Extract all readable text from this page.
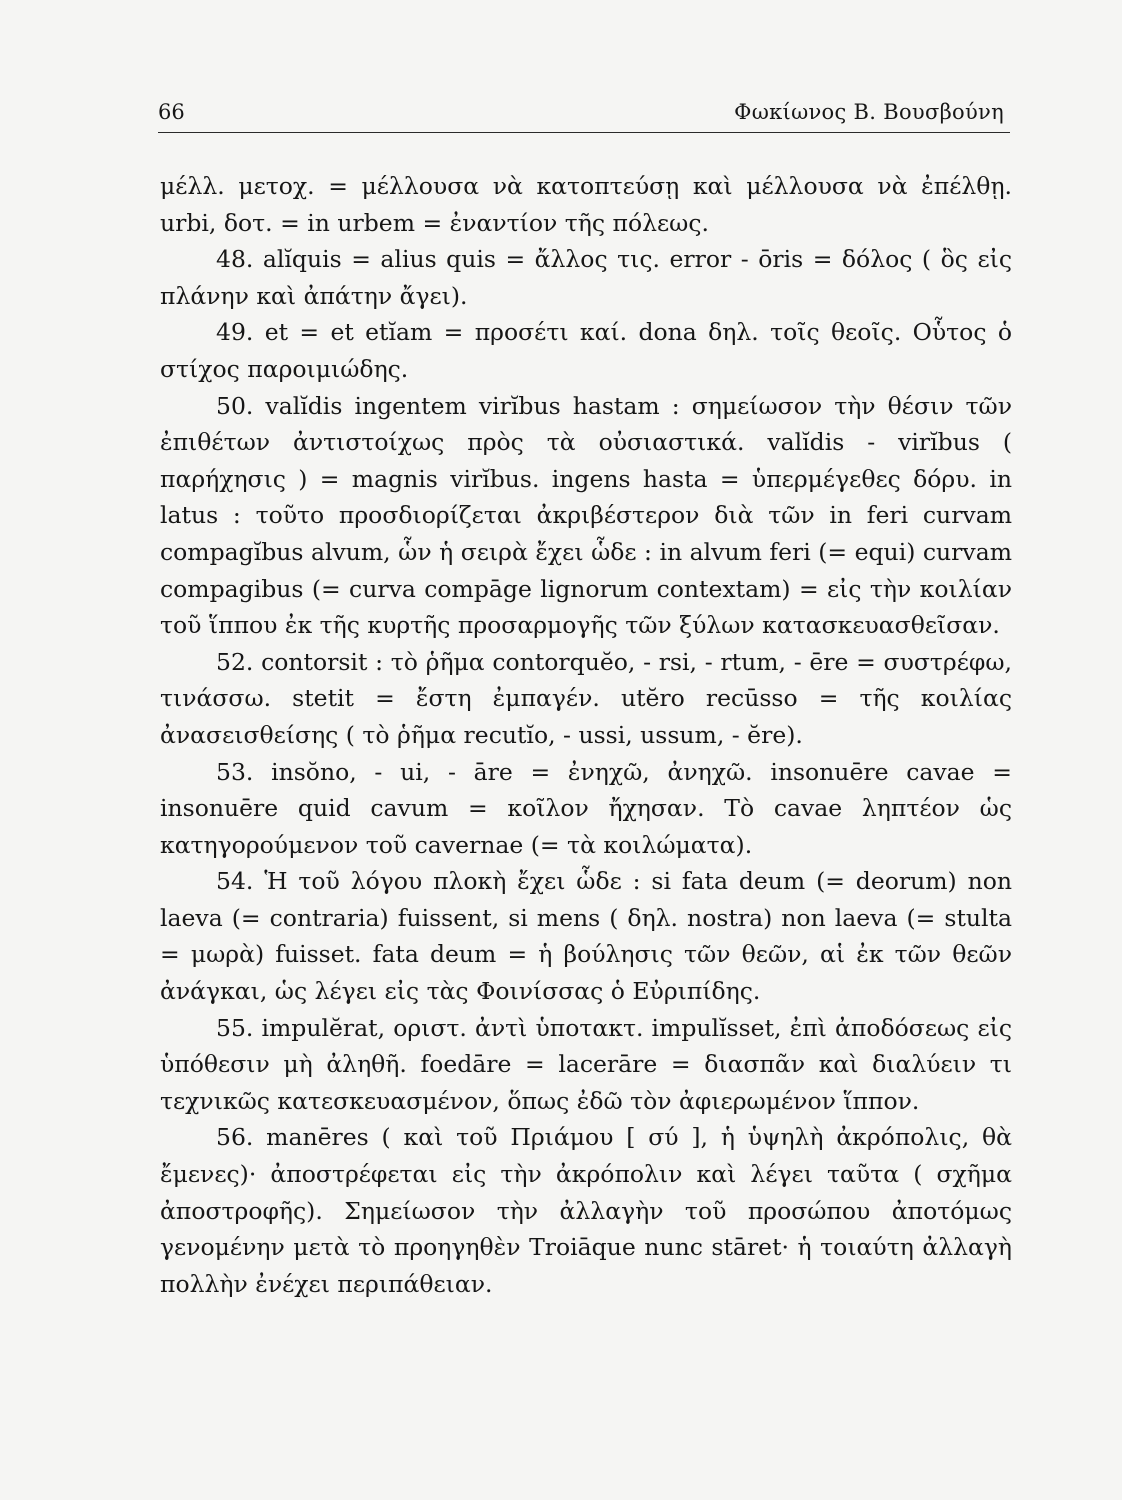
66	Φωκίωνος Β. Βουσβούνη

μέλλ. μετοχ. = μέλλουσα νὰ κατοπτεύσῃ καὶ μέλλουσα νὰ ἐπέλθῃ. urbi, δοτ. = in urbem = ἐναντίον τῆς πόλεως.

48. alĭquis = alius quis = ἄλλος τις. error - ōris = δόλος ( ὃς εἰς πλάνην καὶ ἀπάτην ἄγει).

49. et = et etĭam = προσέτι καί. dona δηλ. τοῖς θεοῖς. Οὗτος ὁ στίχος παροιμιώδης.

50. valĭdis ingentem virĭbus hastam : σημείωσον τὴν θέσιν τῶν ἐπιθέτων ἀντιστοίχως πρὸς τὰ οὐσιαστικά. valĭdis - virĭbus ( παρήχησις ) = magnis virĭbus. ingens hasta = ὑπερμέγεθες δόρυ. in latus : τοῦτο προσδιορίζεται ἀκριβέστερον διὰ τῶν in feri curvam compagĭbus alvum, ὧν ἡ σειρὰ ἔχει ὧδε : in alvum feri (= equi) curvam compagibus (= curva compāge lignorum contextam) = εἰς τὴν κοιλίαν τοῦ ἵππου ἐκ τῆς κυρτῆς προσαρμογῆς τῶν ξύλων κατασκευασθεῖσαν.

52. contorsit : τὸ ῥῆμα contorquĕo, - rsi, - rtum, - ēre = συστρέφω, τινάσσω. stetit = ἔστη ἐμπαγέν. utĕro recūsso = τῆς κοιλίας ἀνασεισθείσης ( τὸ ῥῆμα recutĭo, - ussi, ussum, - ĕre).

53. insŏno, - ui, - āre = ἐνηχῶ, ἀνηχῶ. insonuēre cavae = insonuēre quid cavum = κοῖλον ἤχησαν. Τὸ cavae ληπτέον ὡς κατηγορούμενον τοῦ cavernae (= τὰ κοιλώματα).

54. Ἡ τοῦ λόγου πλοκὴ ἔχει ὧδε : si fata deum (= deorum) non laeva (= contraria) fuissent, si mens ( δηλ. nostra) non laeva (= stulta = μωρὰ) fuisset. fata deum = ἡ βούλησις τῶν θεῶν, αἱ ἐκ τῶν θεῶν ἀνάγκαι, ὡς λέγει εἰς τὰς Φοινίσσας ὁ Εὐριπίδης.

55. impulĕrat, οριστ. ἀντὶ ὑποτακτ. impulĭsset, ἐπὶ ἀποδόσεως εἰς ὑπόθεσιν μὴ ἀληθῆ. foedāre = lacerāre = διασπᾶν καὶ διαλύειν τι τεχνικῶς κατεσκευασμένον, ὅπως ἐδῶ τὸν ἀφιερωμένον ἵππον.

56. manēres ( καὶ τοῦ Πριάμου [ σύ ], ἡ ὑψηλὴ ἀκρόπολις, θὰ ἔμενες)· ἀποστρέφεται εἰς τὴν ἀκρόπολιν καὶ λέγει ταῦτα ( σχῆμα ἀποστροφῆς). Σημείωσον τὴν ἀλλαγὴν τοῦ προσώπου ἀποτόμως γενομένην μετὰ τὸ προηγηθὲν Troiāque nunc stāret· ἡ τοιαύτη ἀλλαγὴ πολλὴν ἐνέχει περιπάθειαν.
